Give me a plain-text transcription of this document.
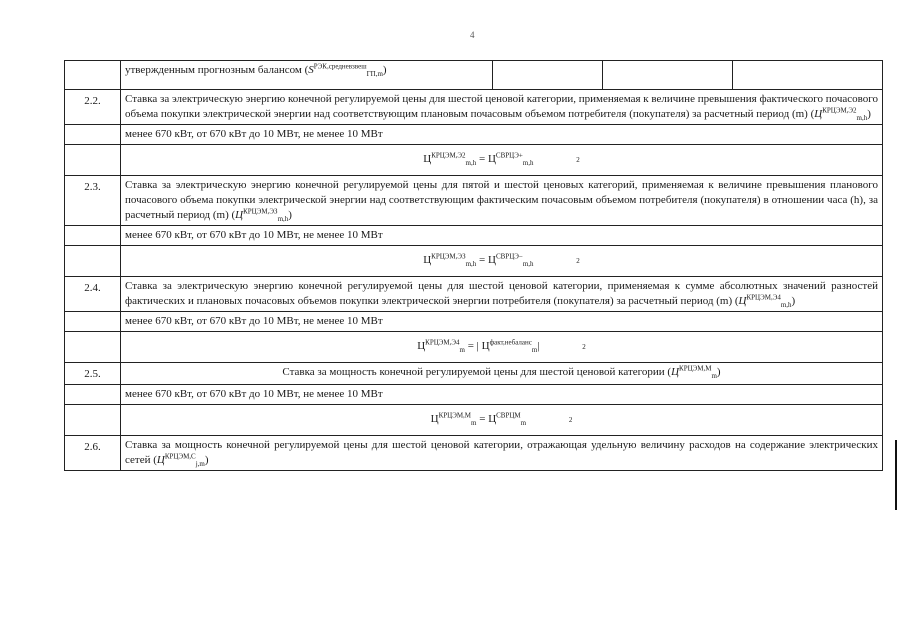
4
	утвержденным прогнозным балансом $(S^{РЭК,средневзвеш}_{ГП,m})$			
2.2.	Ставка за электрическую энергию конечной регулируемой цены для шестой ценовой категории, применяемая к величине превышения фактического почасового объема покупки электрической энергии над соответствующим плановым почасовым объемом потребителя (покупателя) за расчетный период (m) $(Ц^{КРЦЭМ,Э2}_{m,h})$			
	менее 670 кВт, от 670 кВт до 10 МВт, не менее 10 МВт			
	$Ц^{КРЦЭМ,Э2}_{m,h} = Ц^{СВРЦЭ+}_{m,h}$ 2			
2.3.	Ставка за электрическую энергию конечной регулируемой цены для пятой и шестой ценовых категорий, применяемая к величине превышения планового почасового объема покупки электрической энергии над соответствующим фактическим почасовым объемом потребителя (покупателя) в отношении часа (h), за расчетный период (m) $(Ц^{КРЦЭМ,ЭЗ}_{m,h})$			
	менее 670 кВт, от 670 кВт до 10 МВт, не менее 10 МВт			
	$Ц^{КРЦЭМ,ЭЗ}_{m,h} = Ц^{СВРЦЭ-}_{m,h}$ 2			
2.4.	Ставка за электрическую энергию конечной регулируемой цены для шестой ценовой категории, применяемая к сумме абсолютных значений разностей фактических и плановых почасовых объемов покупки электрической энергии потребителя (покупателя) за расчетный период (m) $(Ц^{КРЦЭМ,Э4}_{m,h})$			
	менее 670 кВт, от 670 кВт до 10 МВт, не менее 10 МВт			
	$Ц^{КРЦЭМ,Э4}_m$ = | $Ц^{факт,небаланс}_m|$ 2			
2.5.	Ставка за мощность конечной регулируемой цены для шестой ценовой категории $(Ц^{КРЦЭМ,М}_m)$			
	менее 670 кВт, от 670 кВт до 10 МВт, не менее 10 МВт			
	$Ц^{КРЦЭМ,М}_m = Ц^{СВРЦМ}_m$ 2			
2.6.	Ставка за мощность конечной регулируемой цены для шестой ценовой категории, отражающая удельную величину расходов на содержание электрических сетей $(Ц^{КРЦЭМ,С}_{j,m})$			
